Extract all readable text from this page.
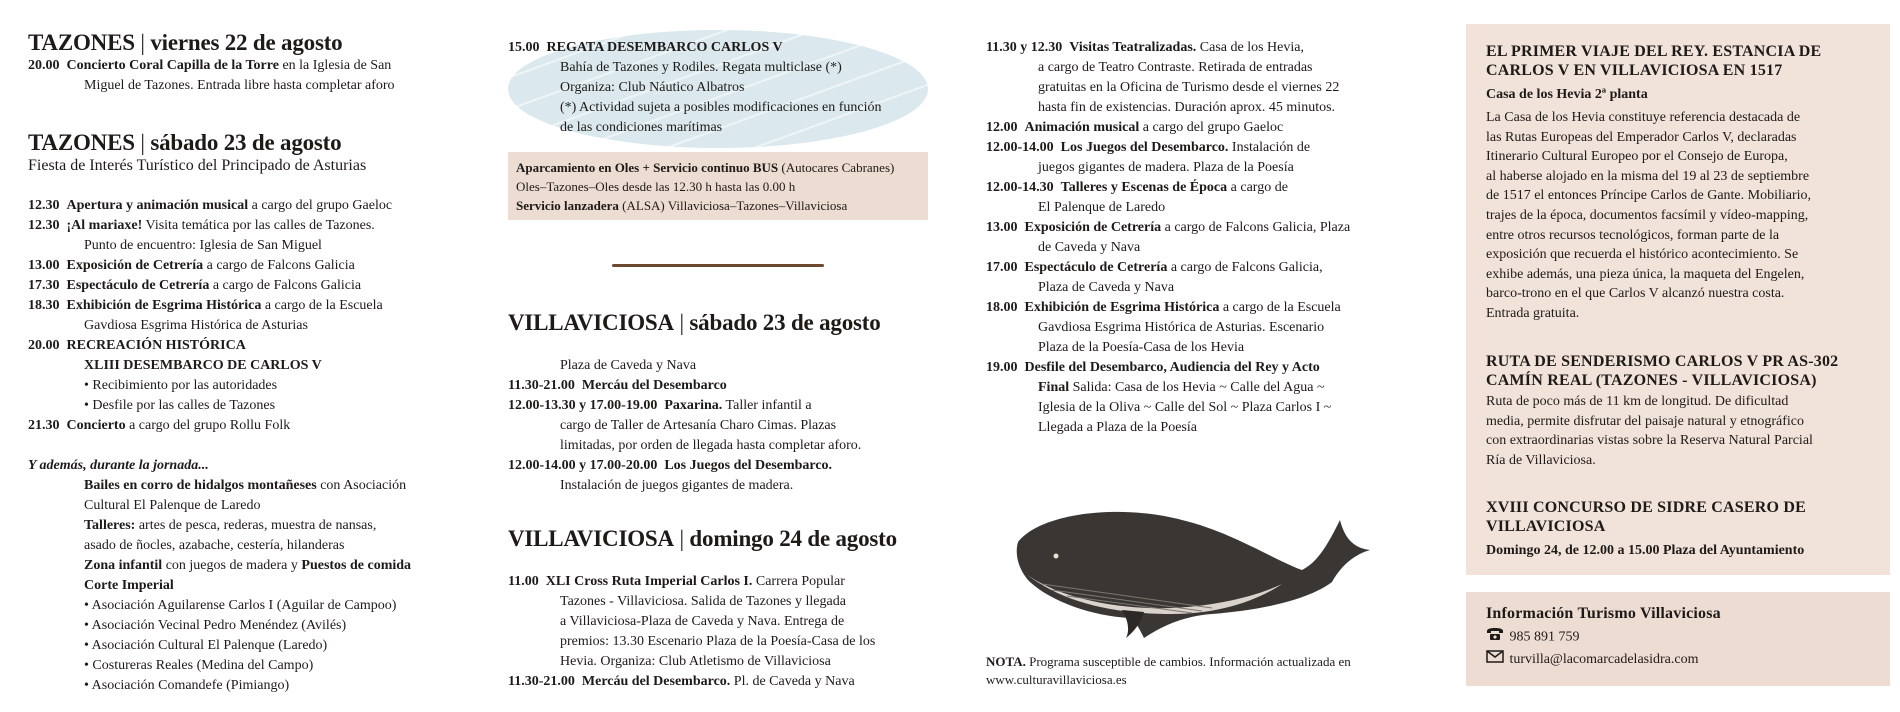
TAZONES | viernes 22 de agosto
20.00 Concierto Coral Capilla de la Torre en la Iglesia de San
Miguel de Tazones. Entrada libre hasta completar aforo
TAZONES | sábado 23 de agosto
Fiesta de Interés Turístico del Principado de Asturias
12.30 Apertura y animación musical a cargo del grupo Gaeloc
12.30 ¡Al mariaxe! Visita temática por las calles de Tazones.
Punto de encuentro: Iglesia de San Miguel
13.00 Exposición de Cetrería a cargo de Falcons Galicia
17.30 Espectáculo de Cetrería a cargo de Falcons Galicia
18.30 Exhibición de Esgrima Histórica a cargo de la Escuela
Gavdiosa Esgrima Histórica de Asturias
20.00 RECREACIÓN HISTÓRICA
XLIII DESEMBARCO DE CARLOS V
• Recibimiento por las autoridades
• Desfile por las calles de Tazones
21.30 Concierto a cargo del grupo Rollu Folk
Y además, durante la jornada...
Bailes en corro de hidalgos montañeses con Asociación
Cultural El Palenque de Laredo
Talleres: artes de pesca, rederas, muestra de nansas,
asado de ñocles, azabache, cestería, hilanderas
Zona infantil con juegos de madera y Puestos de comida
Corte Imperial
• Asociación Aguilarense Carlos I (Aguilar de Campoo)
• Asociación Vecinal Pedro Menéndez (Avilés)
• Asociación Cultural El Palenque (Laredo)
• Costureras Reales (Medina del Campo)
• Asociación Comandefe (Pimiango)
15.00 REGATA DESEMBARCO CARLOS V
Bahía de Tazones y Rodiles. Regata multiclase (*)
Organiza: Club Náutico Albatros
(*) Actividad sujeta a posibles modificaciones en función
de las condiciones marítimas
Aparcamiento en Oles + Servicio continuo BUS (Autocares Cabranes)
Oles–Tazones–Oles desde las 12.30 h hasta las 0.00 h
Servicio lanzadera (ALSA) Villaviciosa–Tazones–Villaviciosa
VILLAVICIOSA | sábado 23 de agosto
Plaza de Caveda y Nava
11.30-21.00 Mercáu del Desembarco
12.00-13.30 y 17.00-19.00 Paxarina. Taller infantil a
cargo de Taller de Artesanía Charo Cimas. Plazas
limitadas, por orden de llegada hasta completar aforo.
12.00-14.00 y 17.00-20.00 Los Juegos del Desembarco.
Instalación de juegos gigantes de madera.
VILLAVICIOSA | domingo 24 de agosto
11.00 XLI Cross Ruta Imperial Carlos I. Carrera Popular
Tazones - Villaviciosa. Salida de Tazones y llegada
a Villaviciosa-Plaza de Caveda y Nava. Entrega de
premios: 13.30 Escenario Plaza de la Poesía-Casa de los
Hevia. Organiza: Club Atletismo de Villaviciosa
11.30-21.00 Mercáu del Desembarco. Pl. de Caveda y Nava
11.30 y 12.30 Visitas Teatralizadas. Casa de los Hevia,
a cargo de Teatro Contraste. Retirada de entradas
gratuitas en la Oficina de Turismo desde el viernes 22
hasta fin de existencias. Duración aprox. 45 minutos.
12.00 Animación musical a cargo del grupo Gaeloc
12.00-14.00 Los Juegos del Desembarco. Instalación de
juegos gigantes de madera. Plaza de la Poesía
12.00-14.30 Talleres y Escenas de Época a cargo de
El Palenque de Laredo
13.00 Exposición de Cetrería a cargo de Falcons Galicia, Plaza
de Caveda y Nava
17.00 Espectáculo de Cetrería a cargo de Falcons Galicia,
Plaza de Caveda y Nava
18.00 Exhibición de Esgrima Histórica a cargo de la Escuela
Gavdiosa Esgrima Histórica de Asturias. Escenario
Plaza de la Poesía-Casa de los Hevia
19.00 Desfile del Desembarco, Audiencia del Rey y Acto
Final Salida: Casa de los Hevia ~ Calle del Agua ~
Iglesia de la Oliva ~ Calle del Sol ~ Plaza Carlos I ~
Llegada a Plaza de la Poesía
NOTA. Programa susceptible de cambios. Información actualizada en
www.culturavillaviciosa.es
EL PRIMER VIAJE DEL REY. ESTANCIA DE
CARLOS V EN VILLAVICIOSA EN 1517
Casa de los Hevia 2ª planta
La Casa de los Hevia constituye referencia destacada de
las Rutas Europeas del Emperador Carlos V, declaradas
Itinerario Cultural Europeo por el Consejo de Europa,
al haberse alojado en la misma del 19 al 23 de septiembre
de 1517 el entonces Príncipe Carlos de Gante. Mobiliario,
trajes de la época, documentos facsímil y vídeo-mapping,
entre otros recursos tecnológicos, forman parte de la
exposición que recuerda el histórico acontecimiento. Se
exhibe además, una pieza única, la maqueta del Engelen,
barco-trono en el que Carlos V alcanzó nuestra costa.
Entrada gratuita.
RUTA DE SENDERISMO CARLOS V PR AS-302
CAMÍN REAL (TAZONES - VILLAVICIOSA)
Ruta de poco más de 11 km de longitud. De dificultad
media, permite disfrutar del paisaje natural y etnográfico
con extraordinarias vistas sobre la Reserva Natural Parcial
Ría de Villaviciosa.
XVIII CONCURSO DE SIDRE CASERO DE
VILLAVICIOSA
Domingo 24, de 12.00 a 15.00 Plaza del Ayuntamiento
Información Turismo Villaviciosa
985 891 759
turvilla@lacomarcadelasidra.com
